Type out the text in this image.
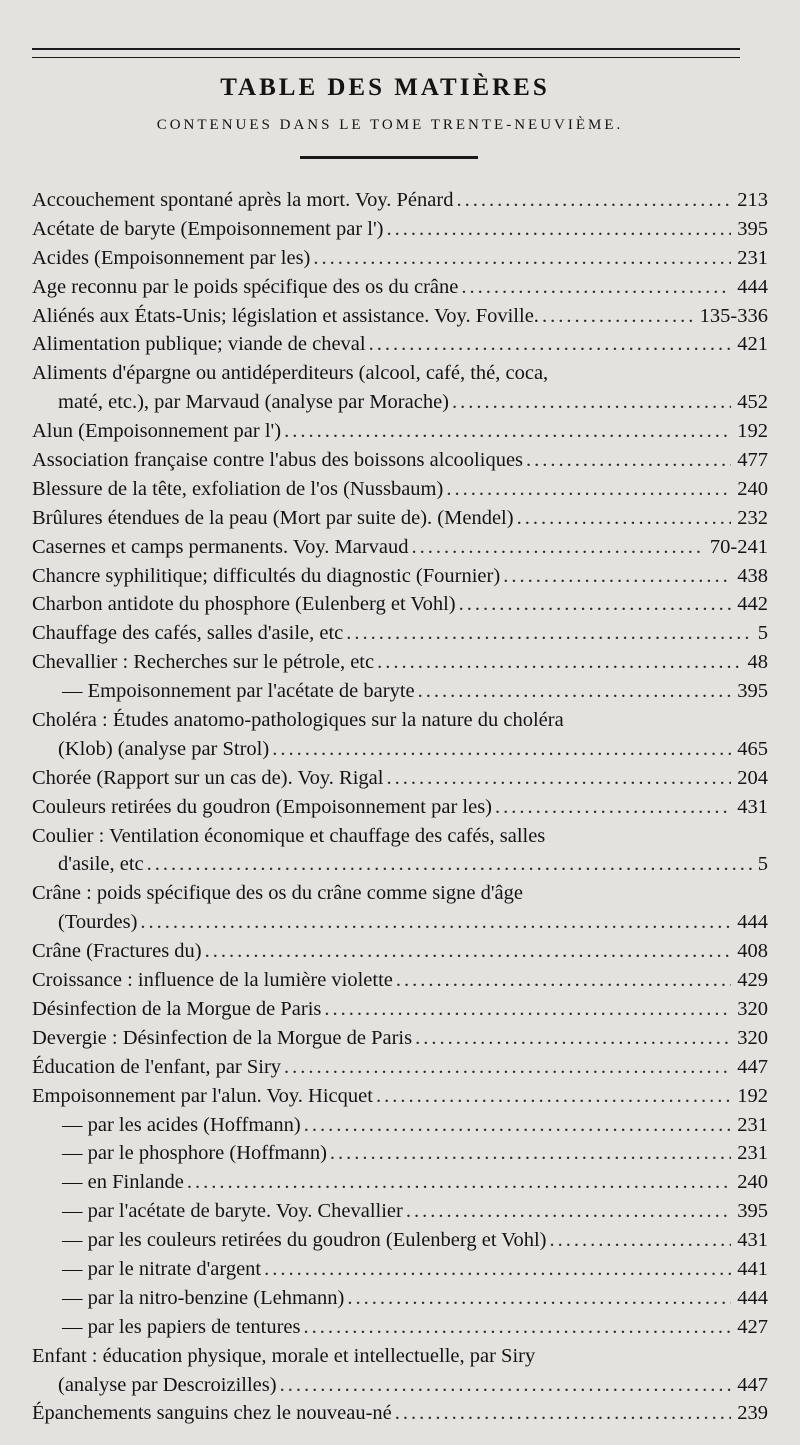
TABLE DES MATIÈRES
CONTENUES DANS LE TOME TRENTE-NEUVIÈME.
Accouchement spontané après la mort. Voy. Pénard .....	213
Acétate de baryte (Empoisonnement par l') .....	395
Acides (Empoisonnement par les) .....	231
Age reconnu par le poids spécifique des os du crâne .....	444
Aliénés aux États-Unis; législation et assistance. Voy. Foville. .....	135-336
Alimentation publique; viande de cheval .....	421
Aliments d'épargne ou antidéperditeurs (alcool, café, thé, coca,
maté, etc.), par Marvaud (analyse par Morache) .....	452
Alun (Empoisonnement par l') .....	192
Association française contre l'abus des boissons alcooliques .....	477
Blessure de la tête, exfoliation de l'os (Nussbaum) .....	240
Brûlures étendues de la peau (Mort par suite de). (Mendel) .....	232
Casernes et camps permanents. Voy. Marvaud .....	70-241
Chancre syphilitique; difficultés du diagnostic (Fournier) .....	438
Charbon antidote du phosphore (Eulenberg et Vohl) .....	442
Chauffage des cafés, salles d'asile, etc .....	5
Chevallier : Recherches sur le pétrole, etc .....	48
— Empoisonnement par l'acétate de baryte .....	395
Choléra : Études anatomo-pathologiques sur la nature du choléra
(Klob) (analyse par Strol) .....	465
Chorée (Rapport sur un cas de). Voy. Rigal .....	204
Couleurs retirées du goudron (Empoisonnement par les) .....	431
Coulier : Ventilation économique et chauffage des cafés, salles
d'asile, etc .....	5
Crâne : poids spécifique des os du crâne comme signe d'âge
(Tourdes) .....	444
Crâne (Fractures du) .....	408
Croissance : influence de la lumière violette .....	429
Désinfection de la Morgue de Paris .....	320
Devergie : Désinfection de la Morgue de Paris .....	320
Éducation de l'enfant, par Siry .....	447
Empoisonnement par l'alun. Voy. Hicquet .....	192
— par les acides (Hoffmann) .....	231
— par le phosphore (Hoffmann) .....	231
— en Finlande .....	240
— par l'acétate de baryte. Voy. Chevallier .....	395
— par les couleurs retirées du goudron (Eulenberg et Vohl) .....	431
— par le nitrate d'argent .....	441
— par la nitro-benzine (Lehmann) .....	444
— par les papiers de tentures .....	427
Enfant : éducation physique, morale et intellectuelle, par Siry
(analyse par Descroizilles) .....	447
Épanchements sanguins chez le nouveau-né .....	239
